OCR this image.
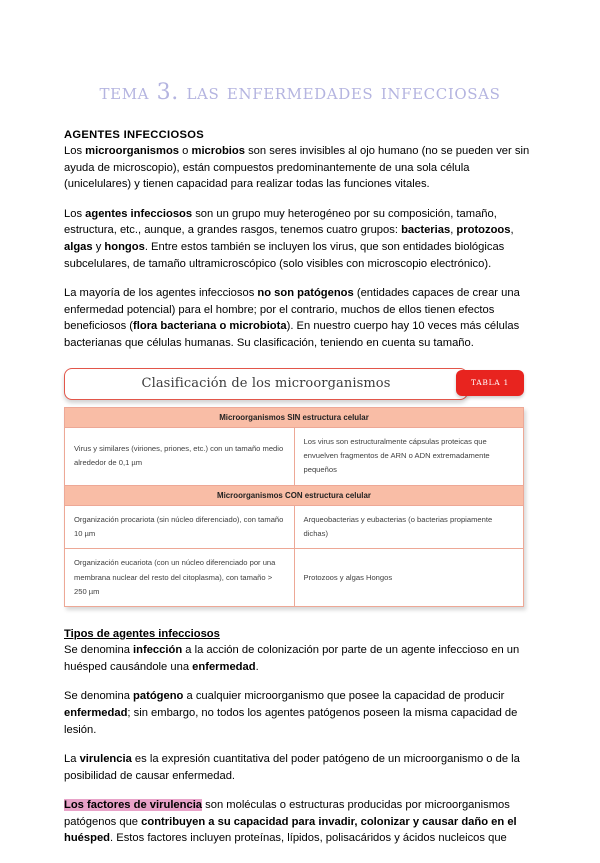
tema 3. las enfermedades infecciosas
AGENTES INFECCIOSOS

Los microorganismos o microbios son seres invisibles al ojo humano (no se pueden ver sin ayuda de microscopio), están compuestos predominantemente de una sola célula (unicelulares) y tienen capacidad para realizar todas las funciones vitales.

Los agentes infecciosos son un grupo muy heterogéneo por su composición, tamaño, estructura, etc., aunque, a grandes rasgos, tenemos cuatro grupos: bacterias, protozoos, algas y hongos. Entre estos también se incluyen los virus, que son entidades biológicas subcelulares, de tamaño ultramicroscópico (solo visibles con microscopio electrónico).

La mayoría de los agentes infecciosos no son patógenos (entidades capaces de crear una enfermedad potencial) para el hombre; por el contrario, muchos de ellos tienen efectos beneficiosos (flora bacteriana o microbiota). En nuestro cuerpo hay 10 veces más células bacterianas que células humanas. Su clasificación, teniendo en cuenta su tamaño.

Clasificación de los microorganismos	TABLA 1
Microorganismos SIN estructura celular	
Virus y similares (viriones, priones, etc.) con un tamaño medio alrededor de 0,1 µm	Los virus son estructuralmente cápsulas proteicas que envuelven fragmentos de ARN o ADN extremadamente pequeños
Microorganismos CON estructura celular	
Organización procariota (sin núcleo diferenciado), con tamaño 10 µm	Arqueobacterias y eubacterias (o bacterias propiamente dichas)
Organización eucariota (con un núcleo diferenciado por una membrana nuclear del resto del citoplasma), con tamaño > 250 µm	Protozoos y algas Hongos
Tipos de agentes infecciosos

Se denomina infección a la acción de colonización por parte de un agente infeccioso en un huésped causándole una enfermedad.

Se denomina patógeno a cualquier microorganismo que posee la capacidad de producir enfermedad; sin embargo, no todos los agentes patógenos poseen la misma capacidad de lesión.

La virulencia es la expresión cuantitativa del poder patógeno de un microorganismo o de la posibilidad de causar enfermedad.

Los factores de virulencia son moléculas o estructuras producidas por microorganismos patógenos que contribuyen a su capacidad para invadir, colonizar y causar daño en el huésped. Estos factores incluyen proteínas, lípidos, polisacáridos y ácidos nucleicos que
